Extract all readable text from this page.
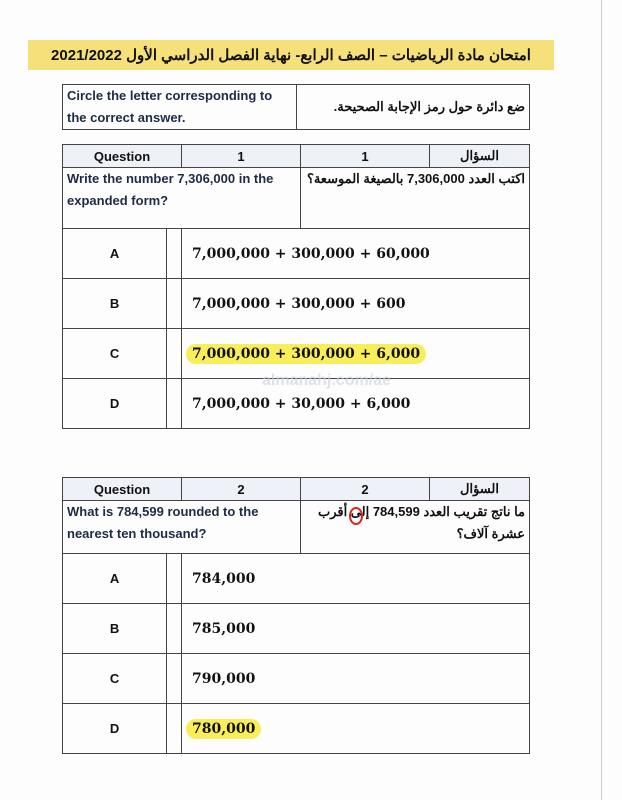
امتحان مادة الرياضيات – الصف الرابع- نهاية الفصل الدراسي الأول 2021/2022
Circle the letter corresponding to the correct answer.	ضع دائرة حول رمز الإجابة الصحيحة.
Question		1	1	السؤال
Write the number 7,306,000 in the expanded form?			اكتب العدد 7,306,000 بالصيغة الموسعة؟	
A		7,000,000 + 300,000 + 60,000		
B		7,000,000 + 300,000 + 600		
C		7,000,000 + 300,000 + 6,000		
D		7,000,000 + 30,000 + 6,000		
Question		2	2	السؤال
What is 784,599 rounded to the nearest ten thousand?			ما ناتج تقريب العدد 784,599 إلى أقرب عشرة آلاف؟	

A		784,000		
B		785,000		
C		790,000		
D		780,000		
almanahj.com/ae
